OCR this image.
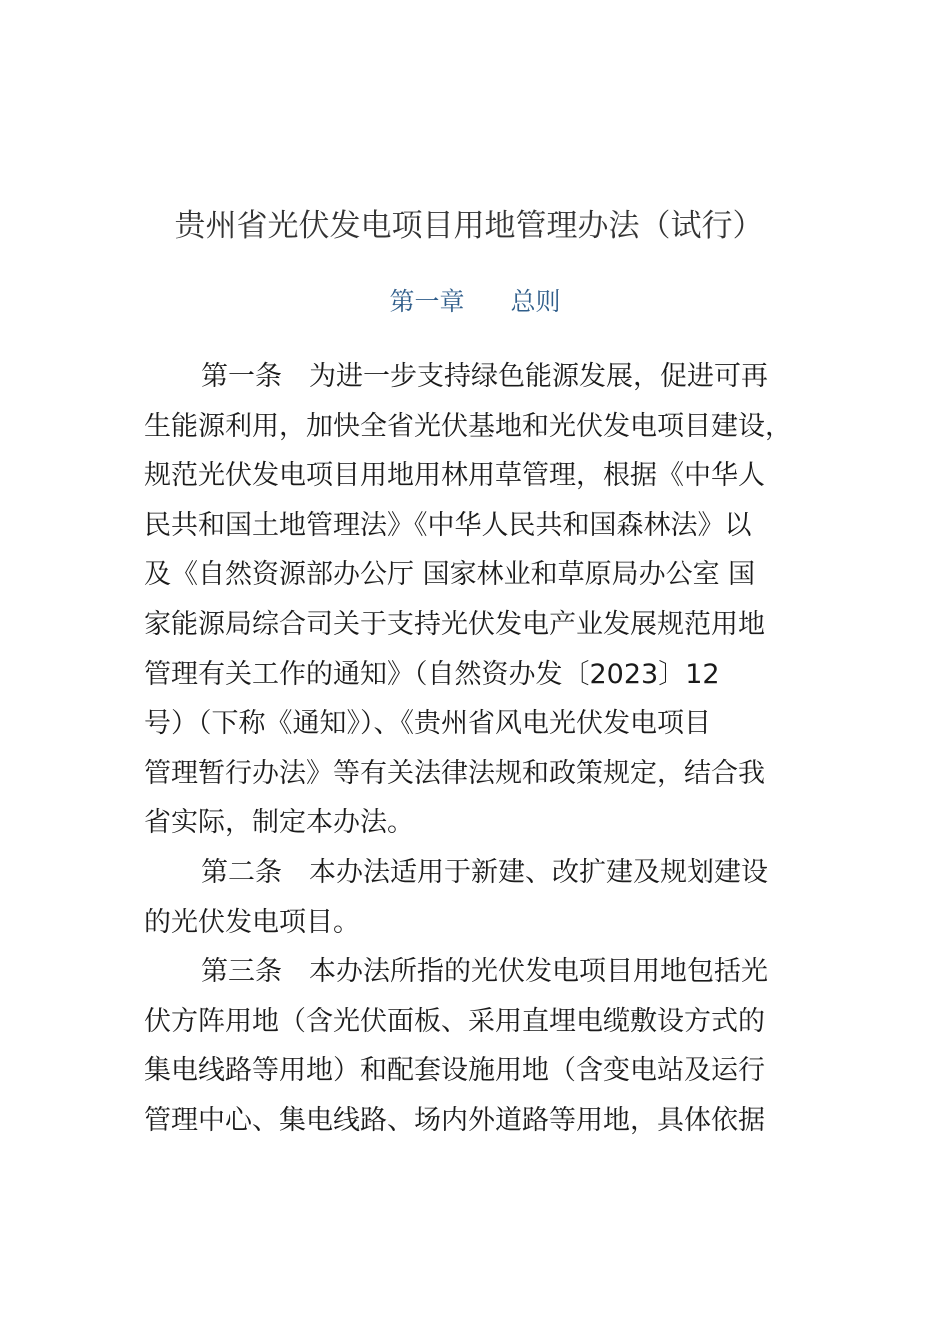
贵州省光伏发电项目用地管理办法（试行）
第一章 总则
第一条　为进一步支持绿色能源发展，促进可再
生能源利用，加快全省光伏基地和光伏发电项目建设，
规范光伏发电项目用地用林用草管理，根据《中华人
民共和国土地管理法》《中华人民共和国森林法》以
及《自然资源部办公厅 国家林业和草原局办公室 国
家能源局综合司关于支持光伏发电产业发展规范用地
管理有关工作的通知》（自然资办发〔2023〕12
号）（下称《通知》）、《贵州省风电光伏发电项目
管理暂行办法》等有关法律法规和政策规定，结合我
省实际，制定本办法。
第二条　本办法适用于新建、改扩建及规划建设
的光伏发电项目。
第三条　本办法所指的光伏发电项目用地包括光
伏方阵用地（含光伏面板、采用直埋电缆敷设方式的
集电线路等用地）和配套设施用地（含变电站及运行
管理中心、集电线路、场内外道路等用地，具体依据
